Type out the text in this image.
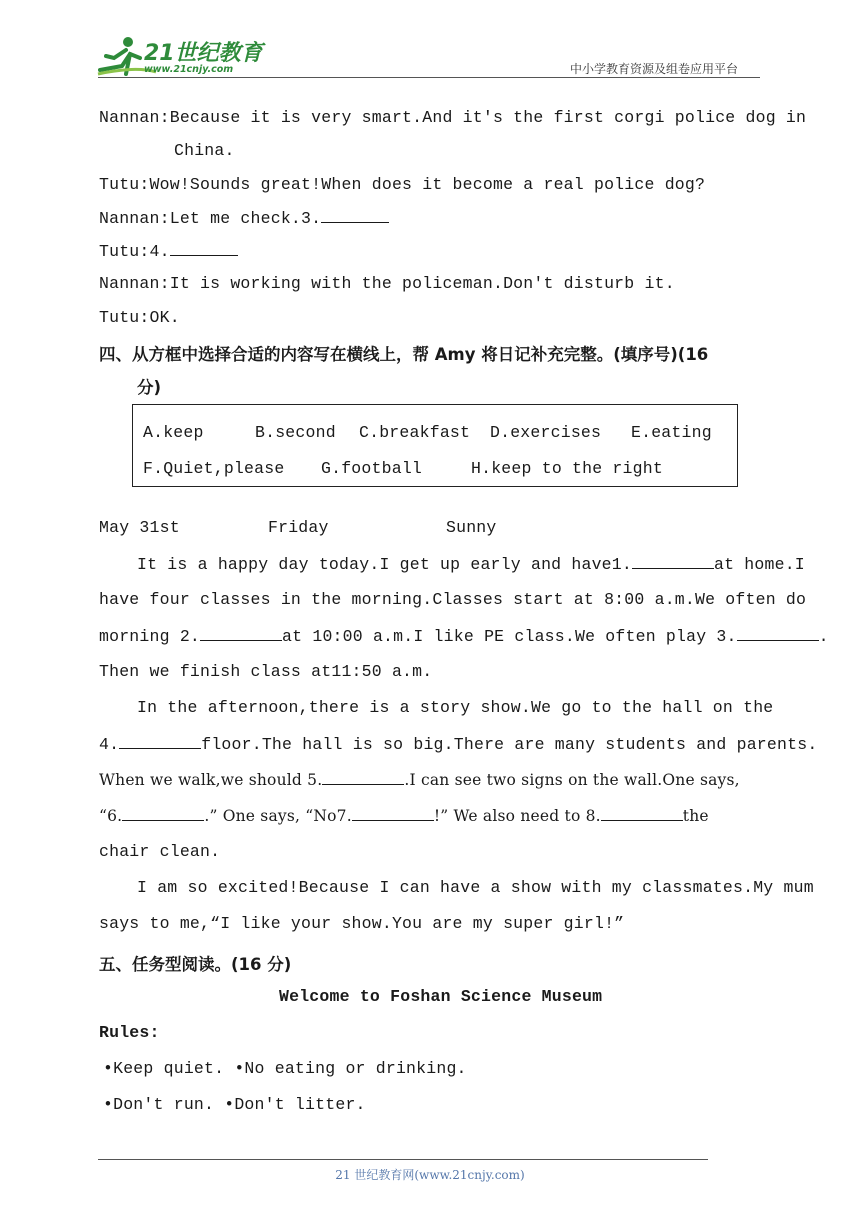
21世纪教育
www.21cnjy.com	中小学教育资源及组卷应用平台
Nannan:Because it is very smart.And it's the first corgi police dog in
China.
Tutu:Wow!Sounds great!When does it become a real police dog?
Nannan:Let me check.3.
Tutu:4.
Nannan:It is working with the policeman.Don't disturb it.
Tutu:OK.
四、从方框中选择合适的内容写在横线上，帮 Amy 将日记补充完整。(填序号)(16
分)
A.keep	B.second C.breakfast D.exercises E.eating
F.Quiet,please G.football	H.keep to the right
May 31st	Friday	Sunny
It is a happy day today.I get up early and have1.	at home.I
have four classes in the morning.Classes start at 8:00 a.m.We often do
morning 2.	at 10:00 a.m.I like PE class.We often play 3.	.
Then we finish class at11:50 a.m.
In the afternoon,there is a story show.We go to the hall on the
4.	floor.The hall is so big.There are many students and parents.
When we walk,we should 5.	.I can see two signs on the wall.One says,
“6.	.” One says, “No7.	!” We also need to 8.	the
chair clean.
I am so excited!Because I can have a show with my classmates.My mum
says to me,“I like your show.You are my super girl!”
五、任务型阅读。(16 分)
Welcome to Foshan Science Museum
Rules:
•Keep quiet. •No eating or drinking.
•Don't run. •Don't litter.
21 世纪教育网(www.21cnjy.com)
